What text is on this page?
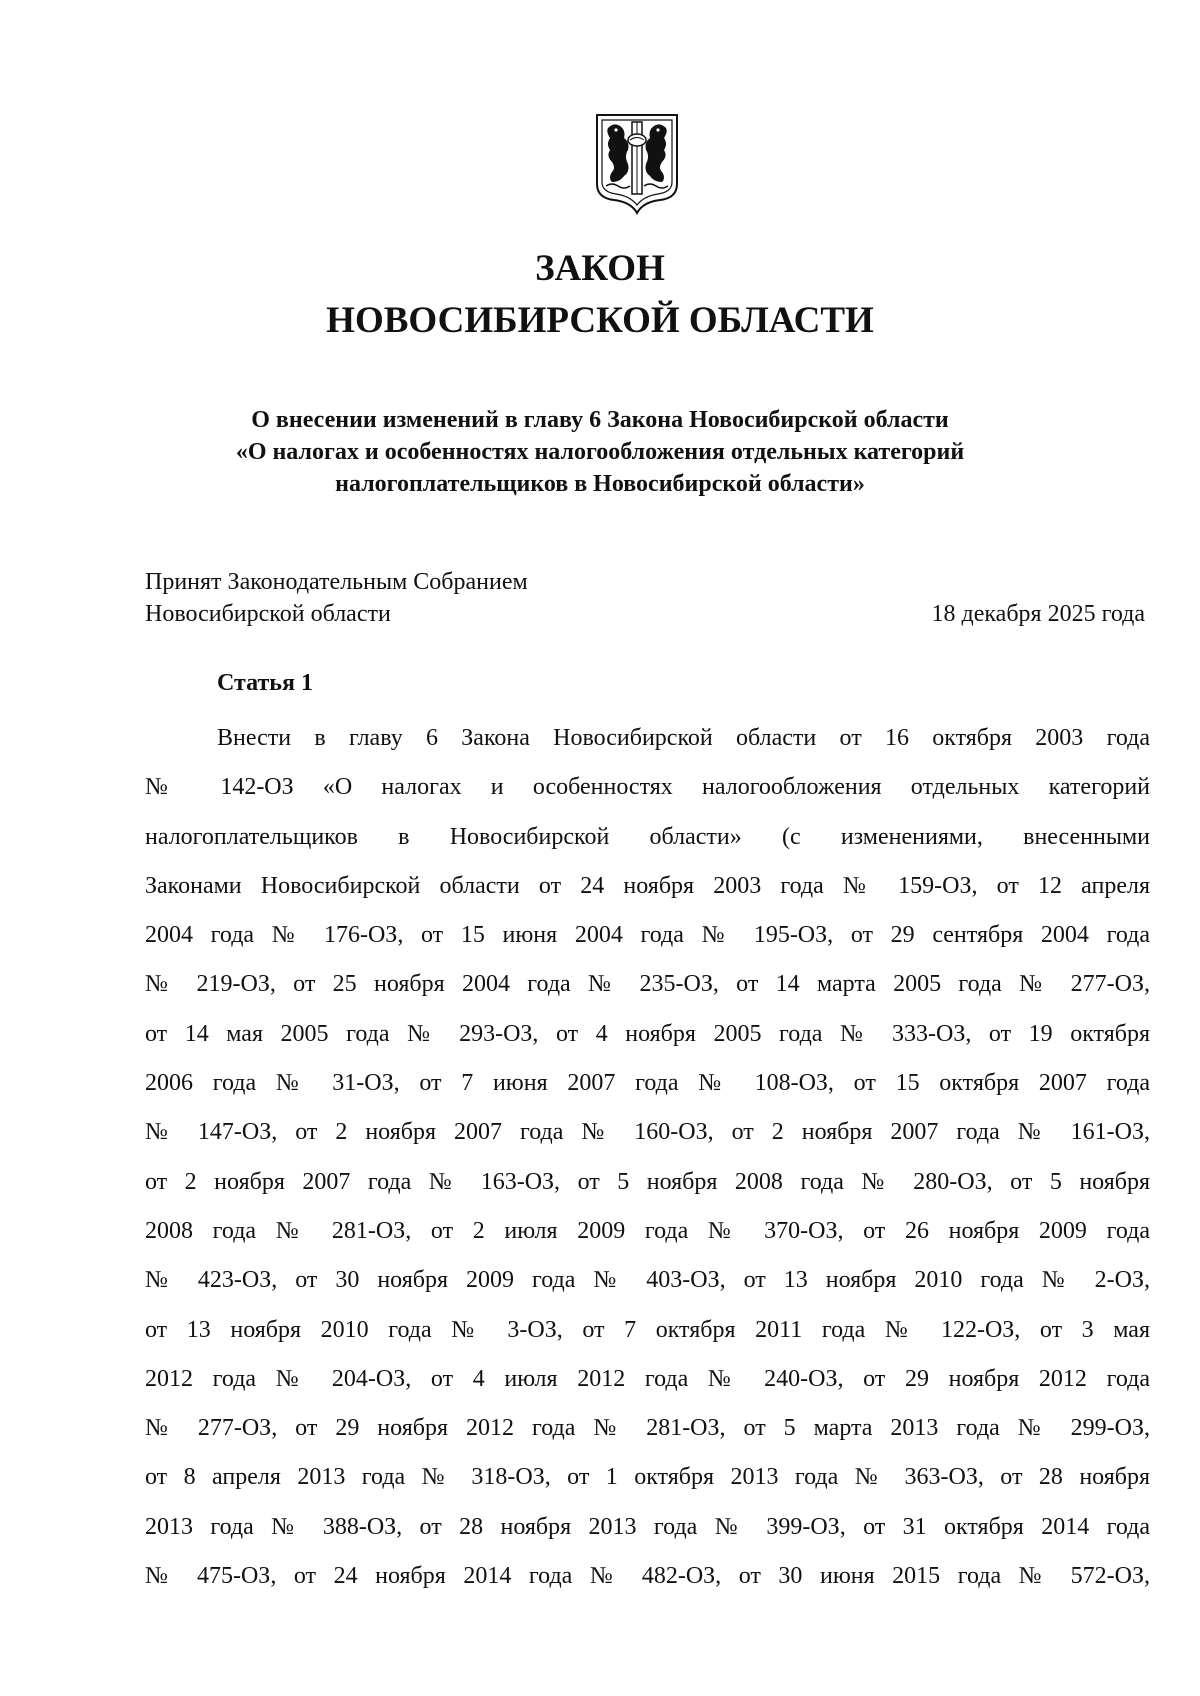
ЗАКОН
НОВОСИБИРСКОЙ ОБЛАСТИ
О внесении изменений в главу 6 Закона Новосибирской области
«О налогах и особенностях налогообложения отдельных категорий
налогоплательщиков в Новосибирской области»
Принят Законодательным Собранием
Новосибирской области	18 декабря 2025 года
Статья 1
Внести в главу 6 Закона Новосибирской области от 16 октября 2003 года
№ 142-ОЗ «О налогах и особенностях налогообложения отдельных категорий
налогоплательщиков в Новосибирской области» (с изменениями, внесенными
Законами Новосибирской области от 24 ноября 2003 года № 159-ОЗ, от 12 апреля
2004 года № 176-ОЗ, от 15 июня 2004 года № 195-ОЗ, от 29 сентября 2004 года
№ 219-ОЗ, от 25 ноября 2004 года № 235-ОЗ, от 14 марта 2005 года № 277-ОЗ,
от 14 мая 2005 года № 293-ОЗ, от 4 ноября 2005 года № 333-ОЗ, от 19 октября
2006 года № 31-ОЗ, от 7 июня 2007 года № 108-ОЗ, от 15 октября 2007 года
№ 147-ОЗ, от 2 ноября 2007 года № 160-ОЗ, от 2 ноября 2007 года № 161-ОЗ,
от 2 ноября 2007 года № 163-ОЗ, от 5 ноября 2008 года № 280-ОЗ, от 5 ноября
2008 года № 281-ОЗ, от 2 июля 2009 года № 370-ОЗ, от 26 ноября 2009 года
№ 423-ОЗ, от 30 ноября 2009 года № 403-ОЗ, от 13 ноября 2010 года № 2-ОЗ,
от 13 ноября 2010 года № 3-ОЗ, от 7 октября 2011 года № 122-ОЗ, от 3 мая
2012 года № 204-ОЗ, от 4 июля 2012 года № 240-ОЗ, от 29 ноября 2012 года
№ 277-ОЗ, от 29 ноября 2012 года № 281-ОЗ, от 5 марта 2013 года № 299-ОЗ,
от 8 апреля 2013 года № 318-ОЗ, от 1 октября 2013 года № 363-ОЗ, от 28 ноября
2013 года № 388-ОЗ, от 28 ноября 2013 года № 399-ОЗ, от 31 октября 2014 года
№ 475-ОЗ, от 24 ноября 2014 года № 482-ОЗ, от 30 июня 2015 года № 572-ОЗ,
